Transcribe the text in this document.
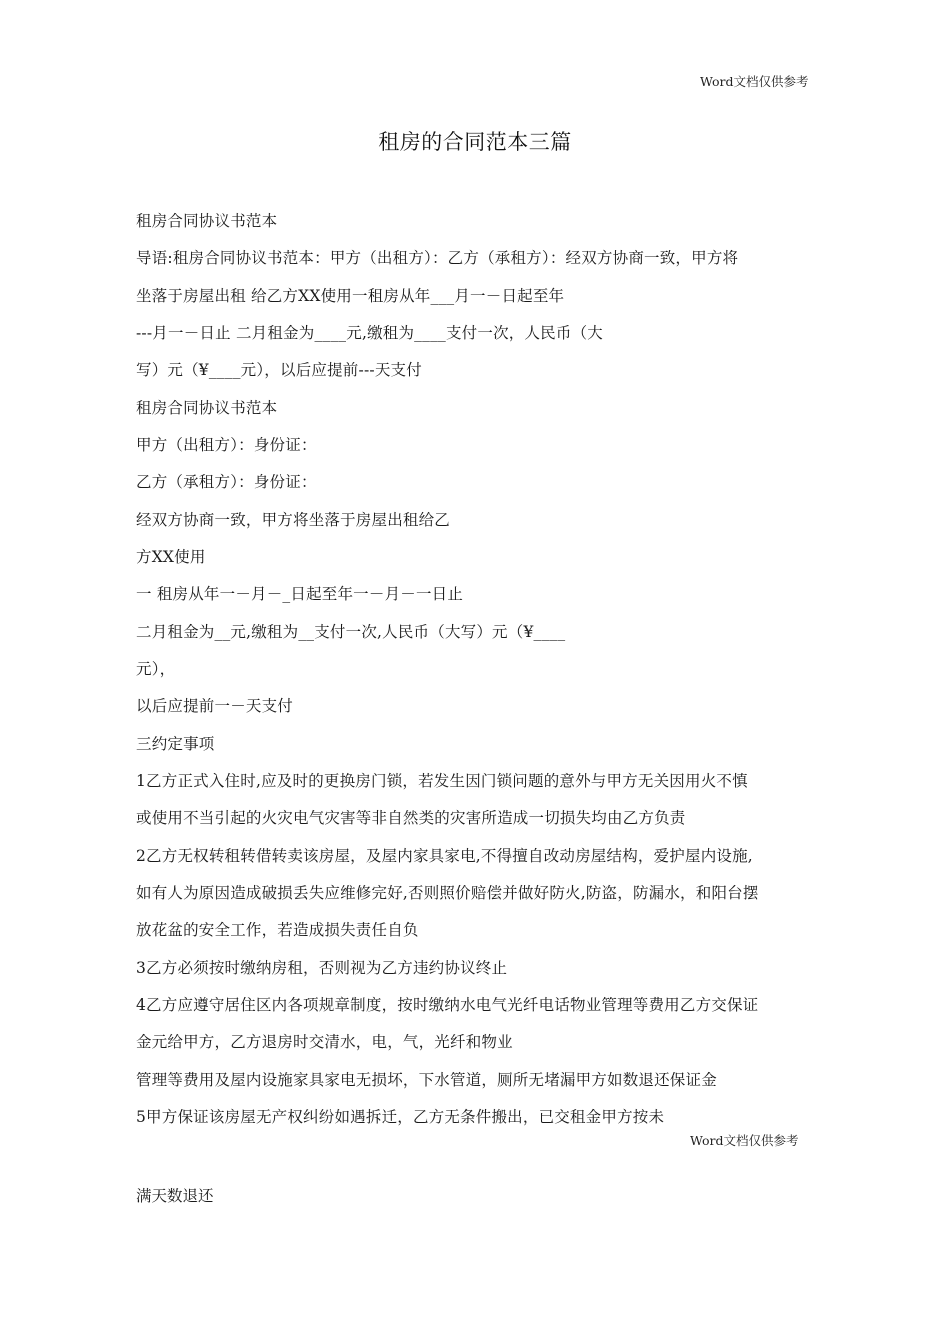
Word文档仅供参考
租房的合同范本三篇
租房合同协议书范本
导语:租房合同协议书范本：甲方（出租方）：乙方（承租方）：经双方协商一致，甲方将
坐落于房屋出租 给乙方XX使用一租房从年___月一－日起至年
---月一－日止 二月租金为____元,缴租为____支付一次，人民币（大
写）元（¥____元），以后应提前---天支付
租房合同协议书范本
甲方（出租方）：身份证：
乙方（承租方）：身份证：
经双方协商一致，甲方将坐落于房屋出租给乙
方XX使用
一 租房从年一－月－_日起至年一－月－一日止
二月租金为__元,缴租为__支付一次,人民币（大写）元（¥____
元），
以后应提前一－天支付
三约定事项
1乙方正式入住时,应及时的更换房门锁，若发生因门锁问题的意外与甲方无关因用火不慎
或使用不当引起的火灾电气灾害等非自然类的灾害所造成一切损失均由乙方负责
2乙方无权转租转借转卖该房屋，及屋内家具家电,不得擅自改动房屋结构，爱护屋内设施,
如有人为原因造成破损丢失应维修完好,否则照价赔偿并做好防火,防盗，防漏水，和阳台摆
放花盆的安全工作，若造成损失责任自负
3乙方必须按时缴纳房租，否则视为乙方违约协议终止
4乙方应遵守居住区内各项规章制度，按时缴纳水电气光纤电话物业管理等费用乙方交保证
金元给甲方，乙方退房时交清水，电，气，光纤和物业
管理等费用及屋内设施家具家电无损坏，下水管道，厕所无堵漏甲方如数退还保证金
5甲方保证该房屋无产权纠纷如遇拆迁，乙方无条件搬出，已交租金甲方按未
Word文档仅供参考
满天数退还
